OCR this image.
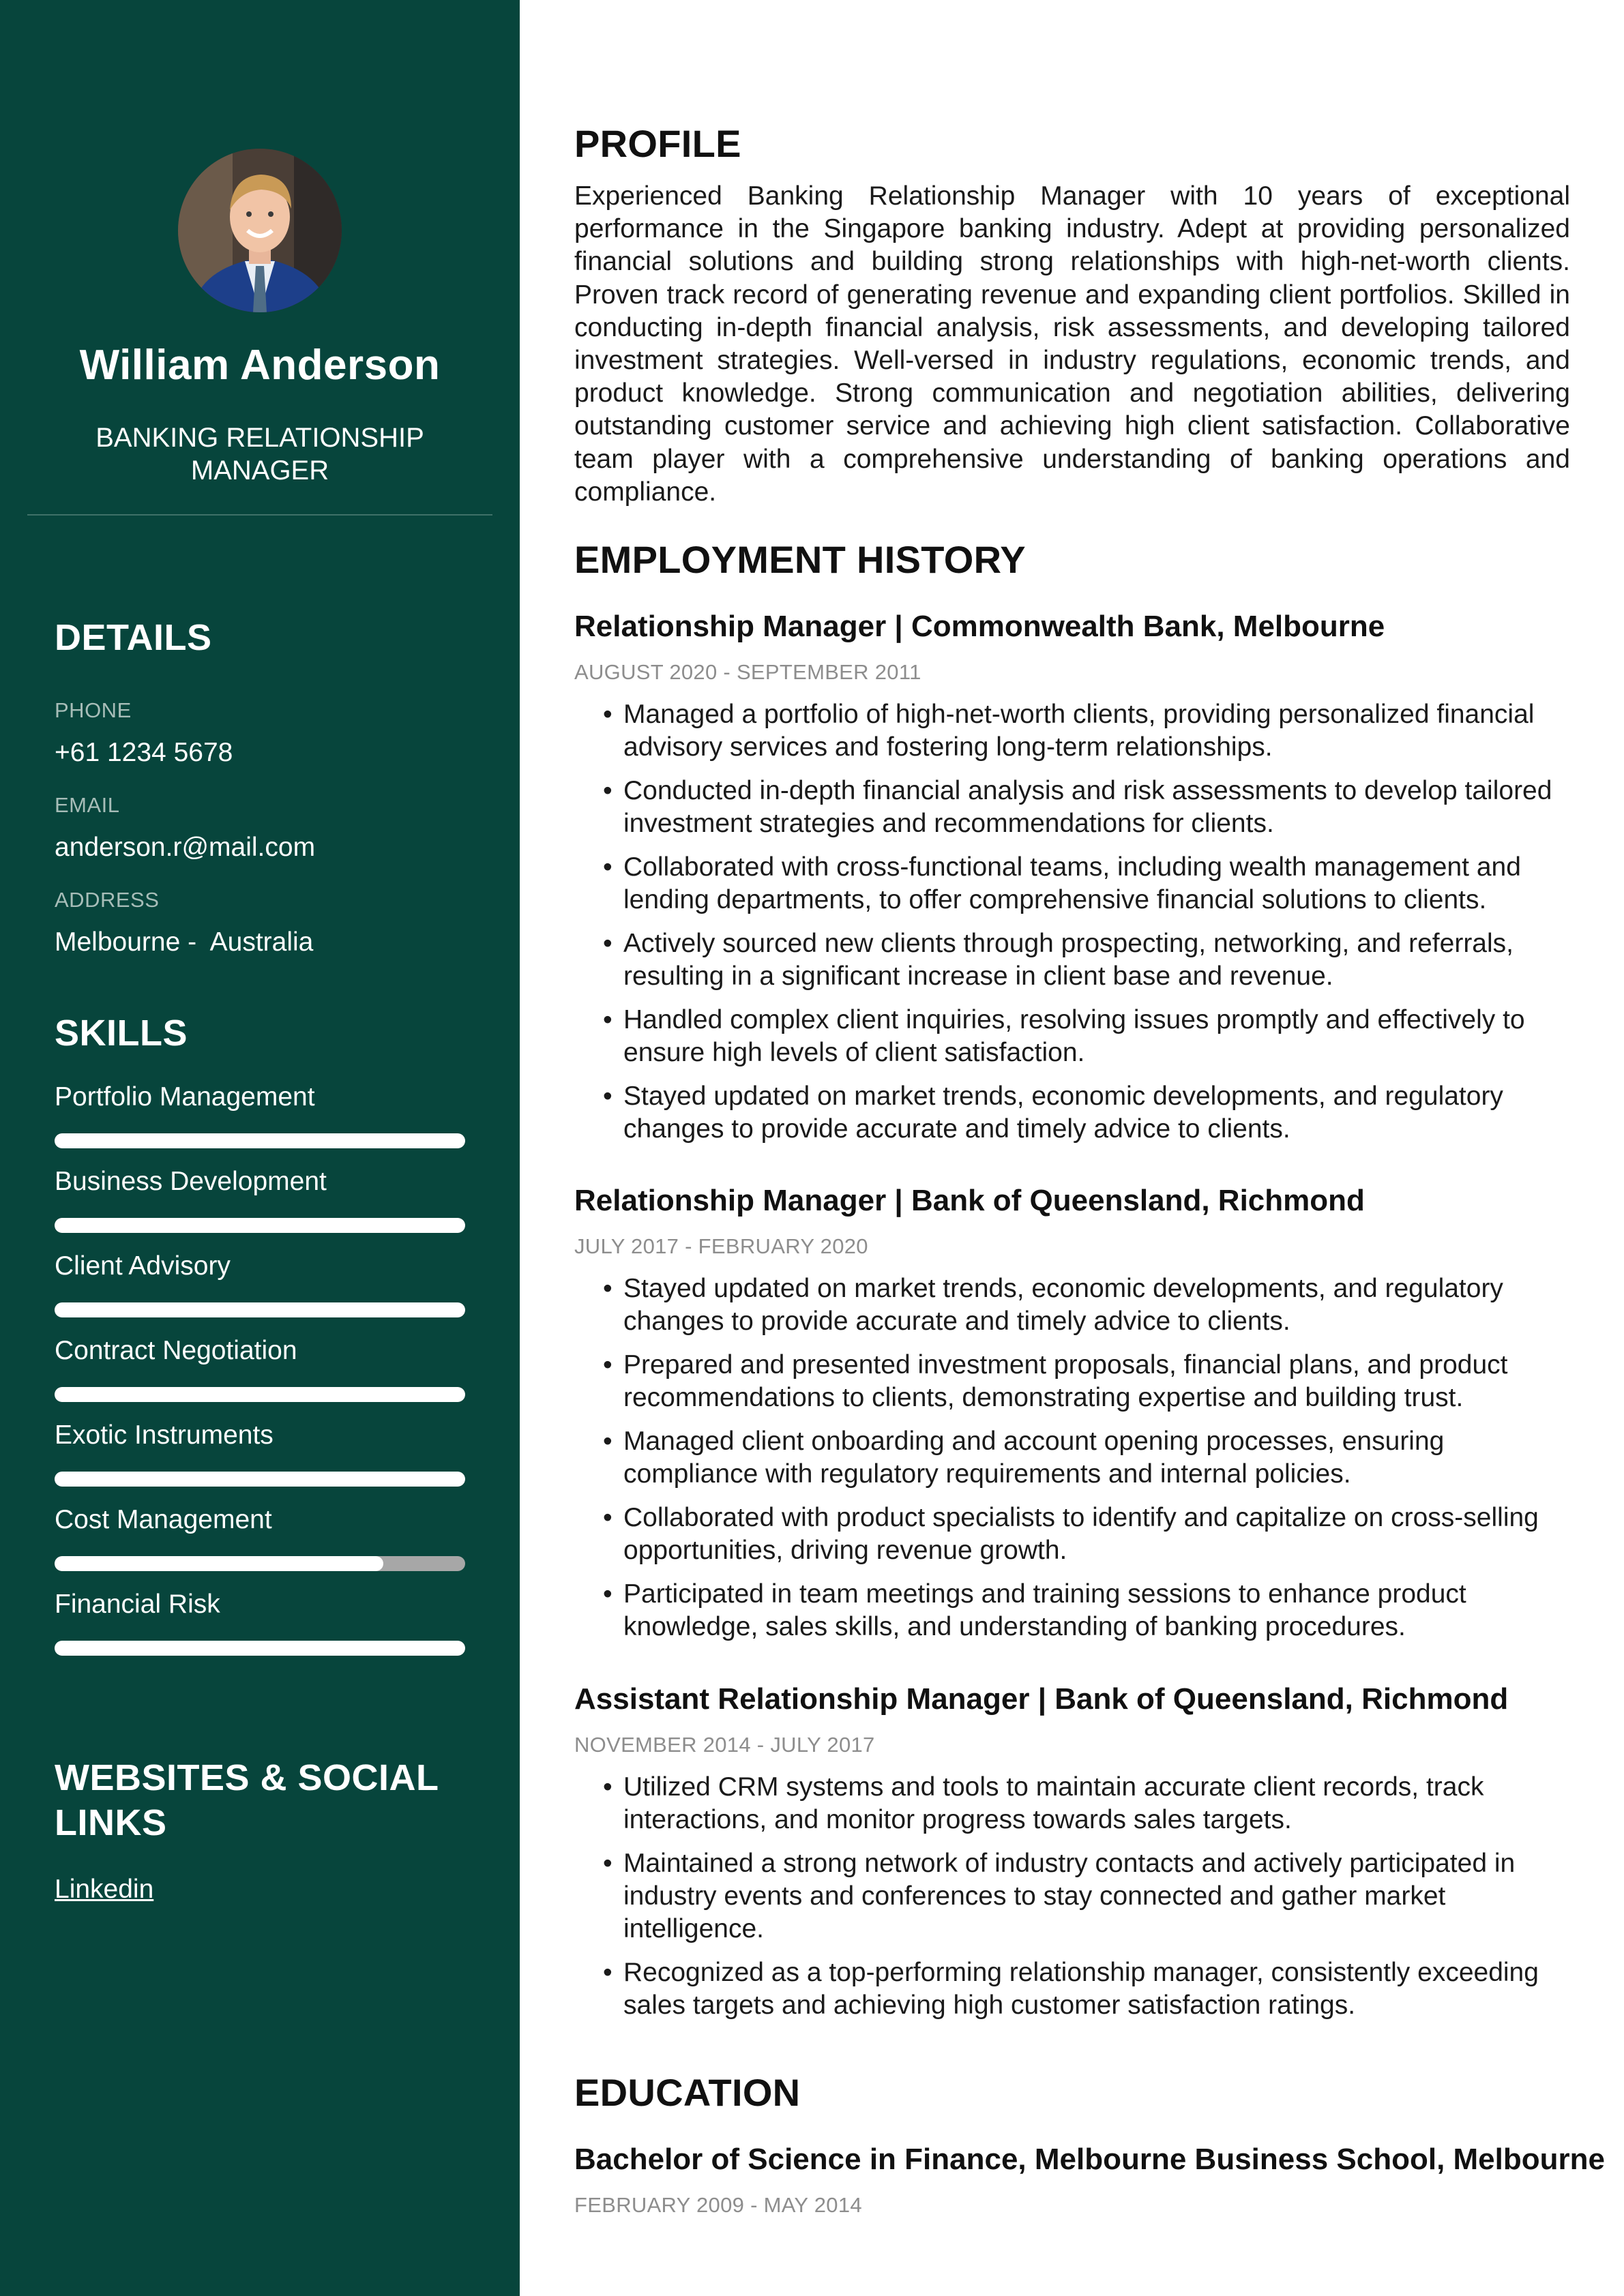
William Anderson
BANKING RELATIONSHIP MANAGER
DETAILS
PHONE
+61 1234 5678
EMAIL
anderson.r@mail.com
ADDRESS
Melbourne -  Australia
SKILLS
Portfolio Management
Business Development
Client Advisory
Contract Negotiation
Exotic Instruments
Cost Management
Financial Risk
WEBSITES & SOCIAL
LINKS
Linkedin
PROFILE
Experienced Banking Relationship Manager with 10 years of exceptional performance in the Singapore banking industry. Adept at providing personalized financial solutions and building strong relationships with high-net-worth clients. Proven track record of generating revenue and expanding client portfolios. Skilled in conducting in-depth financial analysis, risk assessments, and developing tailored investment strategies. Well-versed in industry regulations, economic trends, and product knowledge. Strong communication and negotiation abilities, delivering outstanding customer service and achieving high client satisfaction. Collaborative team player with a comprehensive understanding of banking operations and compliance.
EMPLOYMENT HISTORY
Relationship Manager | Commonwealth Bank, Melbourne
AUGUST 2020 - SEPTEMBER 2011
• Managed a portfolio of high-net-worth clients, providing personalized financial advisory services and fostering long-term relationships.
• Conducted in-depth financial analysis and risk assessments to develop tailored investment strategies and recommendations for clients.
• Collaborated with cross-functional teams, including wealth management and lending departments, to offer comprehensive financial solutions to clients.
• Actively sourced new clients through prospecting, networking, and referrals, resulting in a significant increase in client base and revenue.
• Handled complex client inquiries, resolving issues promptly and effectively to ensure high levels of client satisfaction.
• Stayed updated on market trends, economic developments, and regulatory changes to provide accurate and timely advice to clients.
Relationship Manager | Bank of Queensland, Richmond
JULY 2017 - FEBRUARY 2020
• Stayed updated on market trends, economic developments, and regulatory changes to provide accurate and timely advice to clients.
• Prepared and presented investment proposals, financial plans, and product recommendations to clients, demonstrating expertise and building trust.
• Managed client onboarding and account opening processes, ensuring compliance with regulatory requirements and internal policies.
• Collaborated with product specialists to identify and capitalize on cross-selling opportunities, driving revenue growth.
• Participated in team meetings and training sessions to enhance product knowledge, sales skills, and understanding of banking procedures.
Assistant Relationship Manager | Bank of Queensland, Richmond
NOVEMBER 2014 - JULY 2017
• Utilized CRM systems and tools to maintain accurate client records, track interactions, and monitor progress towards sales targets.
• Maintained a strong network of industry contacts and actively participated in industry events and conferences to stay connected and gather market intelligence.
• Recognized as a top-performing relationship manager, consistently exceeding sales targets and achieving high customer satisfaction ratings.
EDUCATION
Bachelor of Science in Finance, Melbourne Business School, Melbourne
FEBRUARY 2009 - MAY 2014
